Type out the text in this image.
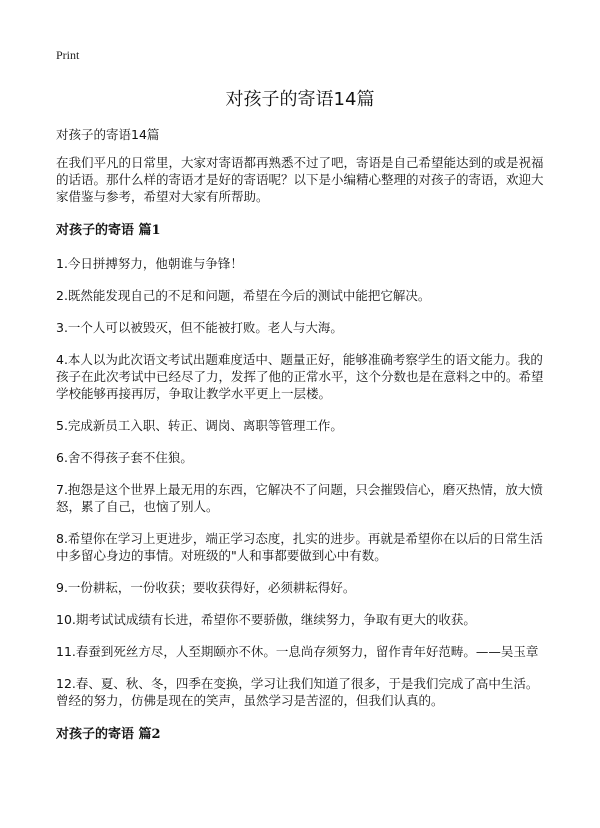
Print
对孩子的寄语14篇

对孩子的寄语14篇

在我们平凡的日常里，大家对寄语都再熟悉不过了吧，寄语是自己希望能达到的或是祝福的话语。那什么样的寄语才是好的寄语呢？以下是小编精心整理的对孩子的寄语，欢迎大家借鉴与参考，希望对大家有所帮助。

对孩子的寄语 篇1
1.今日拼搏努力，他朝谁与争锋！
2.既然能发现自己的不足和问题，希望在今后的测试中能把它解决。
3.一个人可以被毁灭，但不能被打败。老人与大海。
4.本人以为此次语文考试出题难度适中、题量正好，能够准确考察学生的语文能力。我的孩子在此次考试中已经尽了力，发挥了他的正常水平，这个分数也是在意料之中的。希望学校能够再接再厉，争取让教学水平更上一层楼。
5.完成新员工入职、转正、调岗、离职等管理工作。
6.舍不得孩子套不住狼。
7.抱怨是这个世界上最无用的东西，它解决不了问题，只会摧毁信心，磨灭热情，放大愤怒，累了自己，也恼了别人。
8.希望你在学习上更进步，端正学习态度，扎实的进步。再就是希望你在以后的日常生活中多留心身边的事情。对班级的"人和事都要做到心中有数。
9.一份耕耘，一份收获；要收获得好，必须耕耘得好。
10.期考试试成绩有长进，希望你不要骄傲，继续努力，争取有更大的收获。
11.春蚕到死丝方尽，人至期颐亦不休。一息尚存须努力，留作青年好范畴。——吴玉章
12.春、夏、秋、冬，四季在变换，学习让我们知道了很多，于是我们完成了高中生活。曾经的努力，仿佛是现在的笑声，虽然学习是苦涩的，但我们认真的。
对孩子的寄语 篇2
